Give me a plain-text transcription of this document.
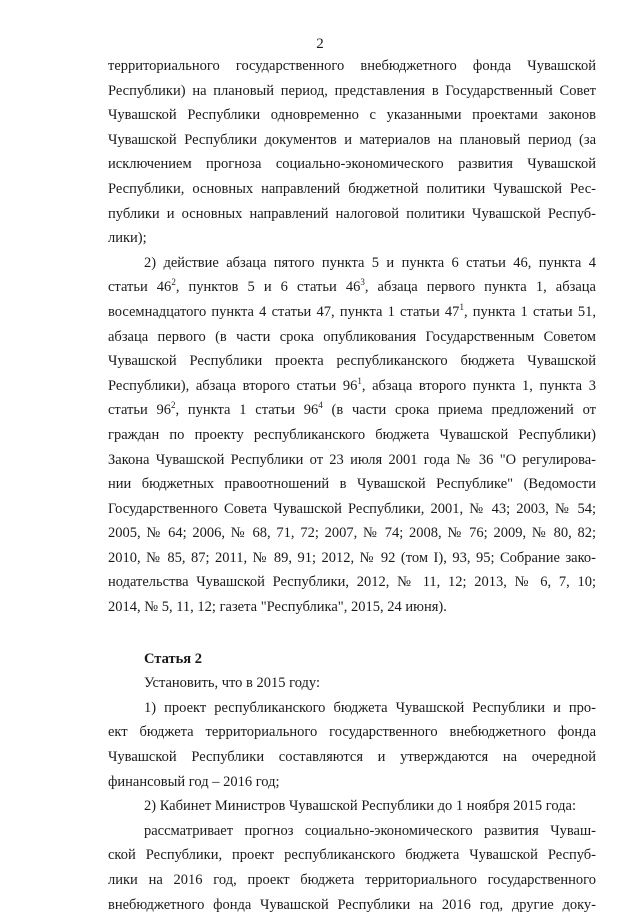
2
территориального государственного внебюджетного фонда Чувашской
Республики) на плановый период, представления в Государственный Совет
Чувашской Республики одновременно с указанными проектами законов
Чувашской Республики документов и материалов на плановый период (за
исключением прогноза социально-экономического развития Чувашской
Республики, основных направлений бюджетной политики Чувашской Рес-
публики и основных направлений налоговой политики Чувашской Респуб-
лики);
2) действие абзаца пятого пункта 5 и пункта 6 статьи 46, пункта 4
статьи $46^2$, пунктов 5 и 6 статьи $46^3$, абзаца первого пункта 1, абзаца
восемнадцатого пункта 4 статьи 47, пункта 1 статьи $47^1$, пункта 1 статьи 51,
абзаца первого (в части срока опубликования Государственным Советом
Чувашской Республики проекта республиканского бюджета Чувашской
Республики), абзаца второго статьи $96^1$, абзаца второго пункта 1, пункта 3
статьи $96^2$, пункта 1 статьи $96^4$ (в части срока приема предложений от
граждан по проекту республиканского бюджета Чувашской Республики)
Закона Чувашской Республики от 23 июля 2001 года № 36 "О регулирова-
нии бюджетных правоотношений в Чувашской Республике" (Ведомости
Государственного Совета Чувашской Республики, 2001, № 43; 2003, № 54;
2005, № 64; 2006, № 68, 71, 72; 2007, № 74; 2008, № 76; 2009, № 80, 82;
2010, № 85, 87; 2011, № 89, 91; 2012, № 92 (том I), 93, 95; Собрание зако-
нодательства Чувашской Республики, 2012, № 11, 12; 2013, № 6, 7, 10;
2014, № 5, 11, 12; газета "Республика", 2015, 24 июня).
Статья 2
Установить, что в 2015 году:
1) проект республиканского бюджета Чувашской Республики и про-
ект бюджета территориального государственного внебюджетного фонда
Чувашской Республики составляются и утверждаются на очередной
финансовый год – 2016 год;
2) Кабинет Министров Чувашской Республики до 1 ноября 2015 года:
рассматривает прогноз социально-экономического развития Чуваш-
ской Республики, проект республиканского бюджета Чувашской Респуб-
лики на 2016 год, проект бюджета территориального государственного
внебюджетного фонда Чувашской Республики на 2016 год, другие доку-
